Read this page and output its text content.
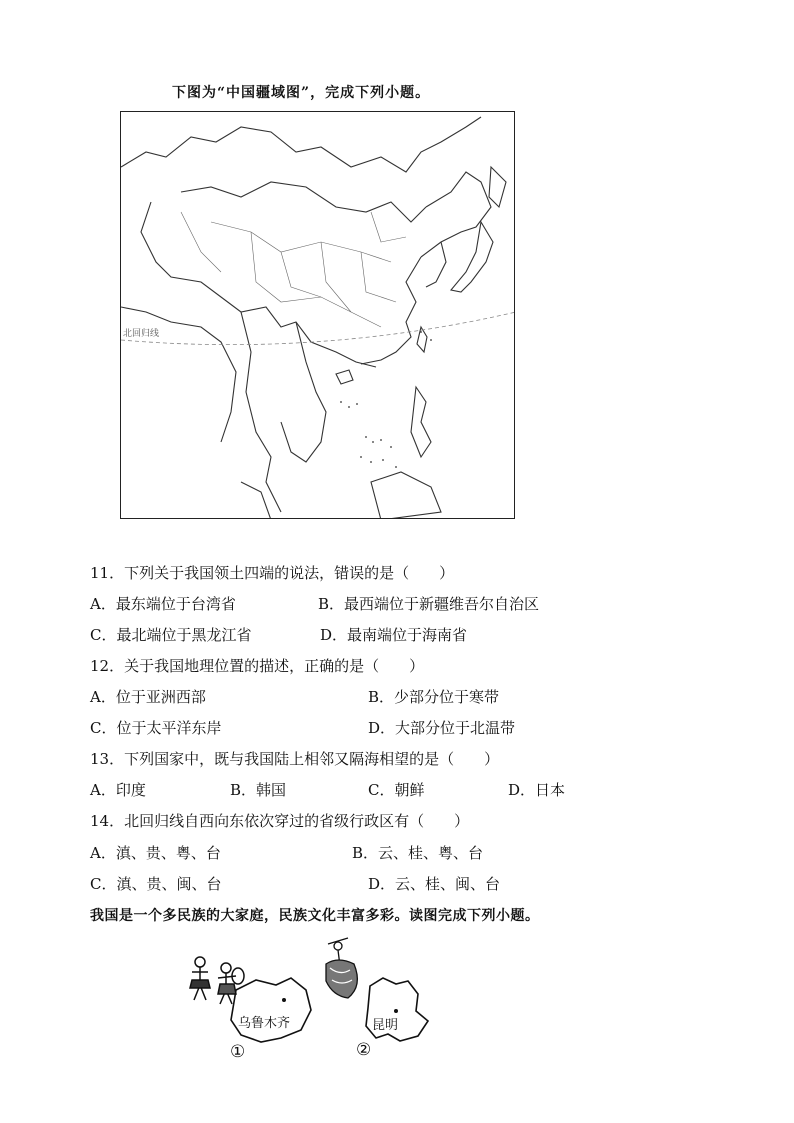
下图为“中国疆域图”，完成下列小题。
北回归线
11．下列关于我国领土四端的说法，错误的是（　　）
A．最东端位于台湾省	B．最西端位于新疆维吾尔自治区
C．最北端位于黑龙江省	D．最南端位于海南省
12．关于我国地理位置的描述，正确的是（　　）
A．位于亚洲西部	B．少部分位于寒带
C．位于太平洋东岸	D．大部分位于北温带
13．下列国家中，既与我国陆上相邻又隔海相望的是（　　）
A．印度	B．韩国	C．朝鲜	D．日本
14．北回归线自西向东依次穿过的省级行政区有（　　）
A．滇、贵、粤、台	B．云、桂、粤、台
C．滇、贵、闽、台	D．云、桂、闽、台
我国是一个多民族的大家庭，民族文化丰富多彩。读图完成下列小题。
乌鲁木齐
①
昆明
②
